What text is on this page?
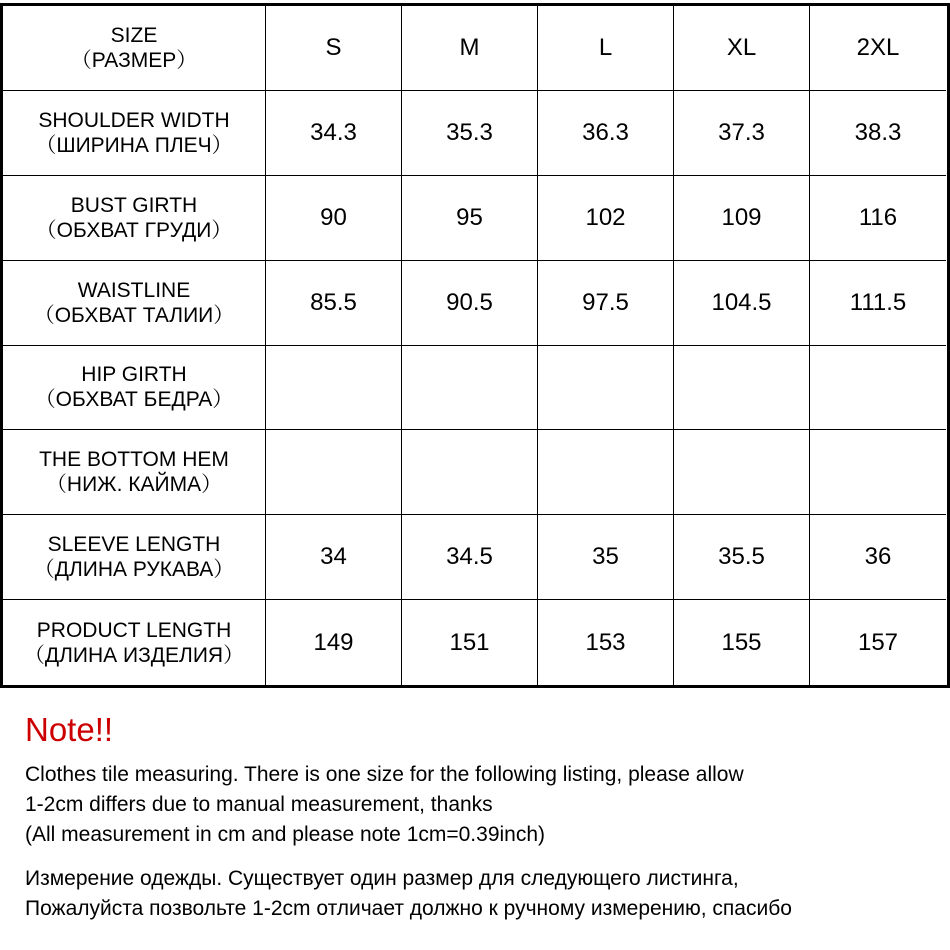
SIZE
（РАЗМЕР）	S	M	L	XL	2XL
SHOULDER WIDTH
（ШИРИНА ПЛЕЧ）	34.3	35.3	36.3	37.3	38.3
BUST GIRTH
（ОБХВАТ ГРУДИ）	90	95	102	109	116
WAISTLINE
（ОБХВАТ ТАЛИИ）	85.5	90.5	97.5	104.5	111.5
HIP GIRTH
（ОБХВАТ БЕДРА）
THE BOTTOM HEM
（НИЖ. КАЙМА）
SLEEVE LENGTH
（ДЛИНА РУКАВА）	34	34.5	35	35.5	36
PRODUCT LENGTH
（ДЛИНА ИЗДЕЛИЯ）	149	151	153	155	157
Note!!
Clothes tile measuring. There is one size for the following listing, please allow
1-2cm differs due to manual measurement, thanks
(All measurement in cm and please note 1cm=0.39inch)
Измерение одежды. Существует один размер для следующего листинга,
Пожалуйста позвольте 1-2cm отличает должно к ручному измерению, спасибо
